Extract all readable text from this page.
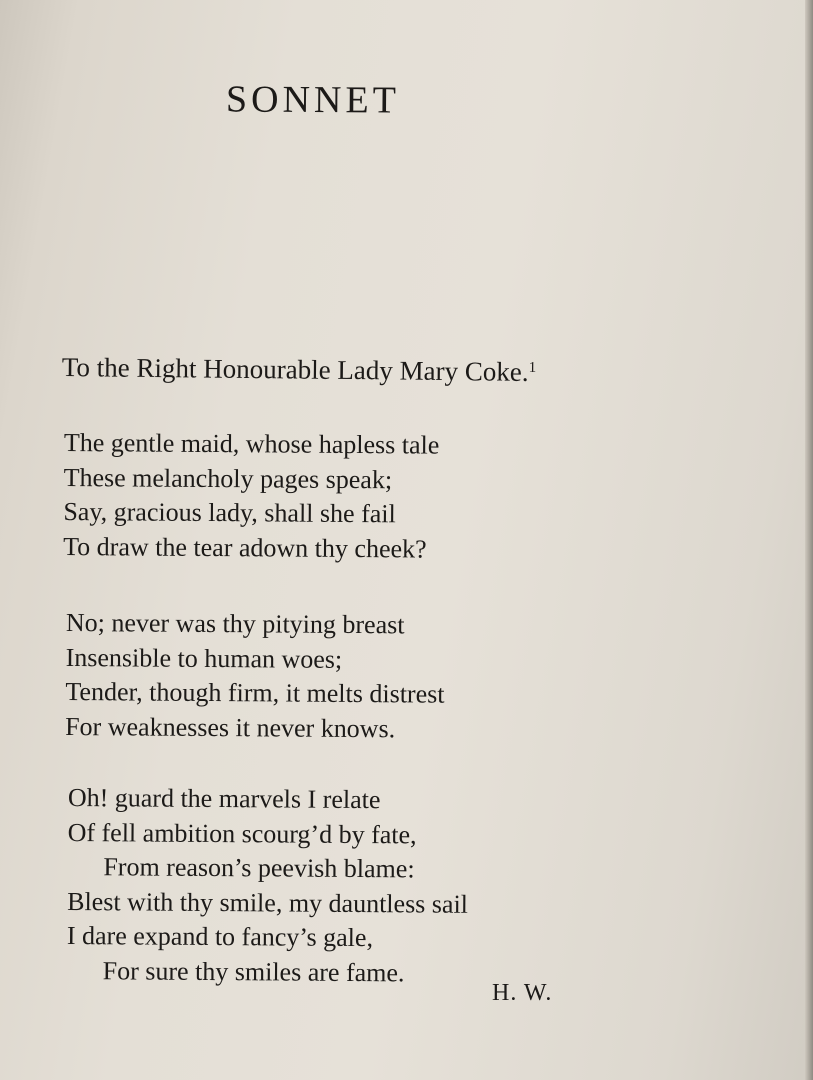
SONNET

To the Right Honourable Lady Mary Coke.$^1$

The gentle maid, whose hapless tale
These melancholy pages speak;
Say, gracious lady, shall she fail
To draw the tear adown thy cheek?
No; never was thy pitying breast
Insensible to human woes;
Tender, though firm, it melts distrest
For weaknesses it never knows.
Oh! guard the marvels I relate
Of fell ambition scourg’d by fate,
From reason’s peevish blame:
Blest with thy smile, my dauntless sail
I dare expand to fancy’s gale,
For sure thy smiles are fame.

H. W.
